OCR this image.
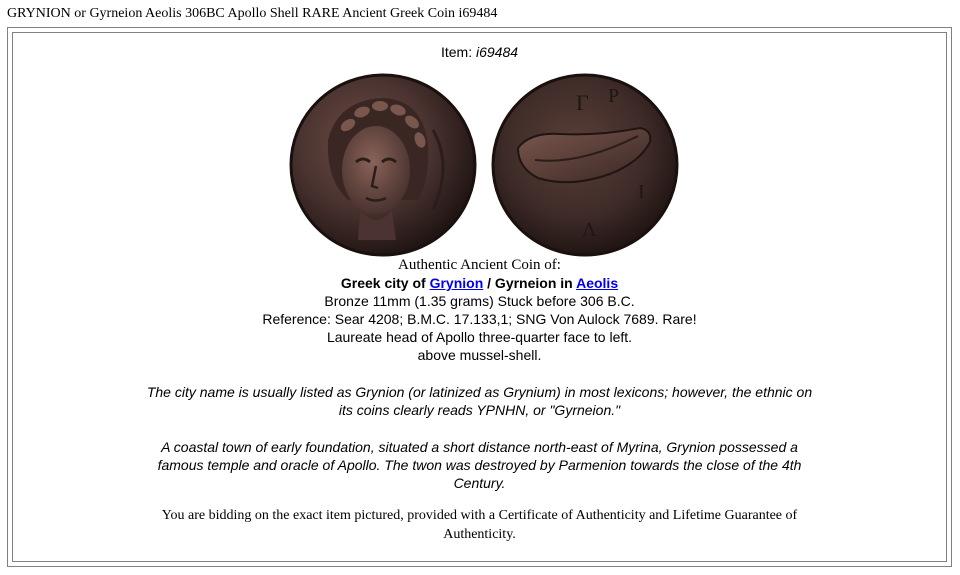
GRYNION or Gyrneion Aeolis 306BC Apollo Shell RARE Ancient Greek Coin i69484
Item: i69484
Γ Ρ
Ι
Λ
Authentic Ancient Coin of:
Greek city of Grynion / Gyrneion in Aeolis
Bronze 11mm (1.35 grams) Stuck before 306 B.C.
Reference: Sear 4208; B.M.C. 17.133,1; SNG Von Aulock 7689. Rare!
Laureate head of Apollo three-quarter face to left.
above mussel-shell.
The city name is usually listed as Grynion (or latinized as Grynium) in most lexicons; however, the ethnic on its coins clearly reads YPNHN, or "Gyrneion."
A coastal town of early foundation, situated a short distance north-east of Myrina, Grynion possessed a famous temple and oracle of Apollo. The twon was destroyed by Parmenion towards the close of the 4th Century.
You are bidding on the exact item pictured, provided with a Certificate of Authenticity and Lifetime Guarantee of Authenticity.
